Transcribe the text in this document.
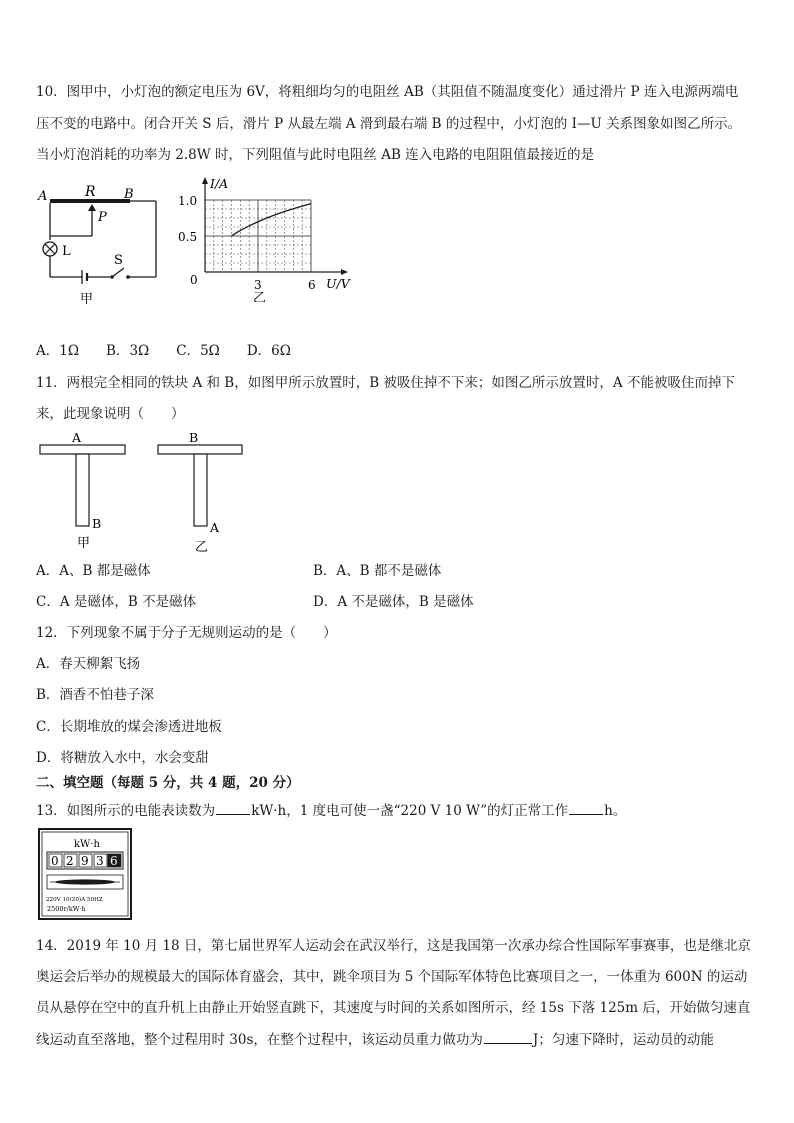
10．图甲中，小灯泡的额定电压为 6V，将粗细均匀的电阻丝 AB（其阻值不随温度变化）通过滑片 P 连入电源两端电
压不变的电路中。闭合开关 S 后，滑片 P 从最左端 A 滑到最右端 B 的过程中，小灯泡的 I—U 关系图象如图乙所示。
当小灯泡消耗的功率为 2.8W 时，下列阻值与此时电阻丝 AB 连入电路的电阻阻值最接近的是
A	R B
L
S
P
甲
I/A
U/V
1.0
0.5
0	3	6
乙
A．1Ω　　B．3Ω　　C．5Ω　　D．6Ω
11．两根完全相同的铁块 A 和 B，如图甲所示放置时，B 被吸住掉不下来；如图乙所示放置时，A 不能被吸住而掉下
来，此现象说明（　　）
A
B
甲
B
A
乙
A．A、B 都是磁体	B．A、B 都不是磁体
C．A 是磁体，B 不是磁体	D．A 不是磁体，B 是磁体
12．下列现象不属于分子无规则运动的是（　　）
A．春天柳絮飞扬
B．酒香不怕巷子深
C．长期堆放的煤会渗透进地板
D．将糖放入水中，水会变甜
二、填空题（每题 5 分，共 4 题，20 分）
13．如图所示的电能表读数为	kW·h，1 度电可使一盏“220 V 10 W”的灯正常工作	h。
kW·h
0 2 9 3 6
220V 10(20)A 50HZ
2500r/kW·h
14．2019 年 10 月 18 日，第七届世界军人运动会在武汉举行，这是我国第一次承办综合性国际军事赛事，也是继北京
奥运会后举办的规模最大的国际体育盛会，其中，跳伞项目为 5 个国际军体特色比赛项目之一，一体重为 600N 的运动
员从悬停在空中的直升机上由静止开始竖直跳下，其速度与时间的关系如图所示，经 15s 下落 125m 后，开始做匀速直
线运动直至落地，整个过程用时 30s，在整个过程中，该运动员重力做功为	J；匀速下降时，运动员的动能
